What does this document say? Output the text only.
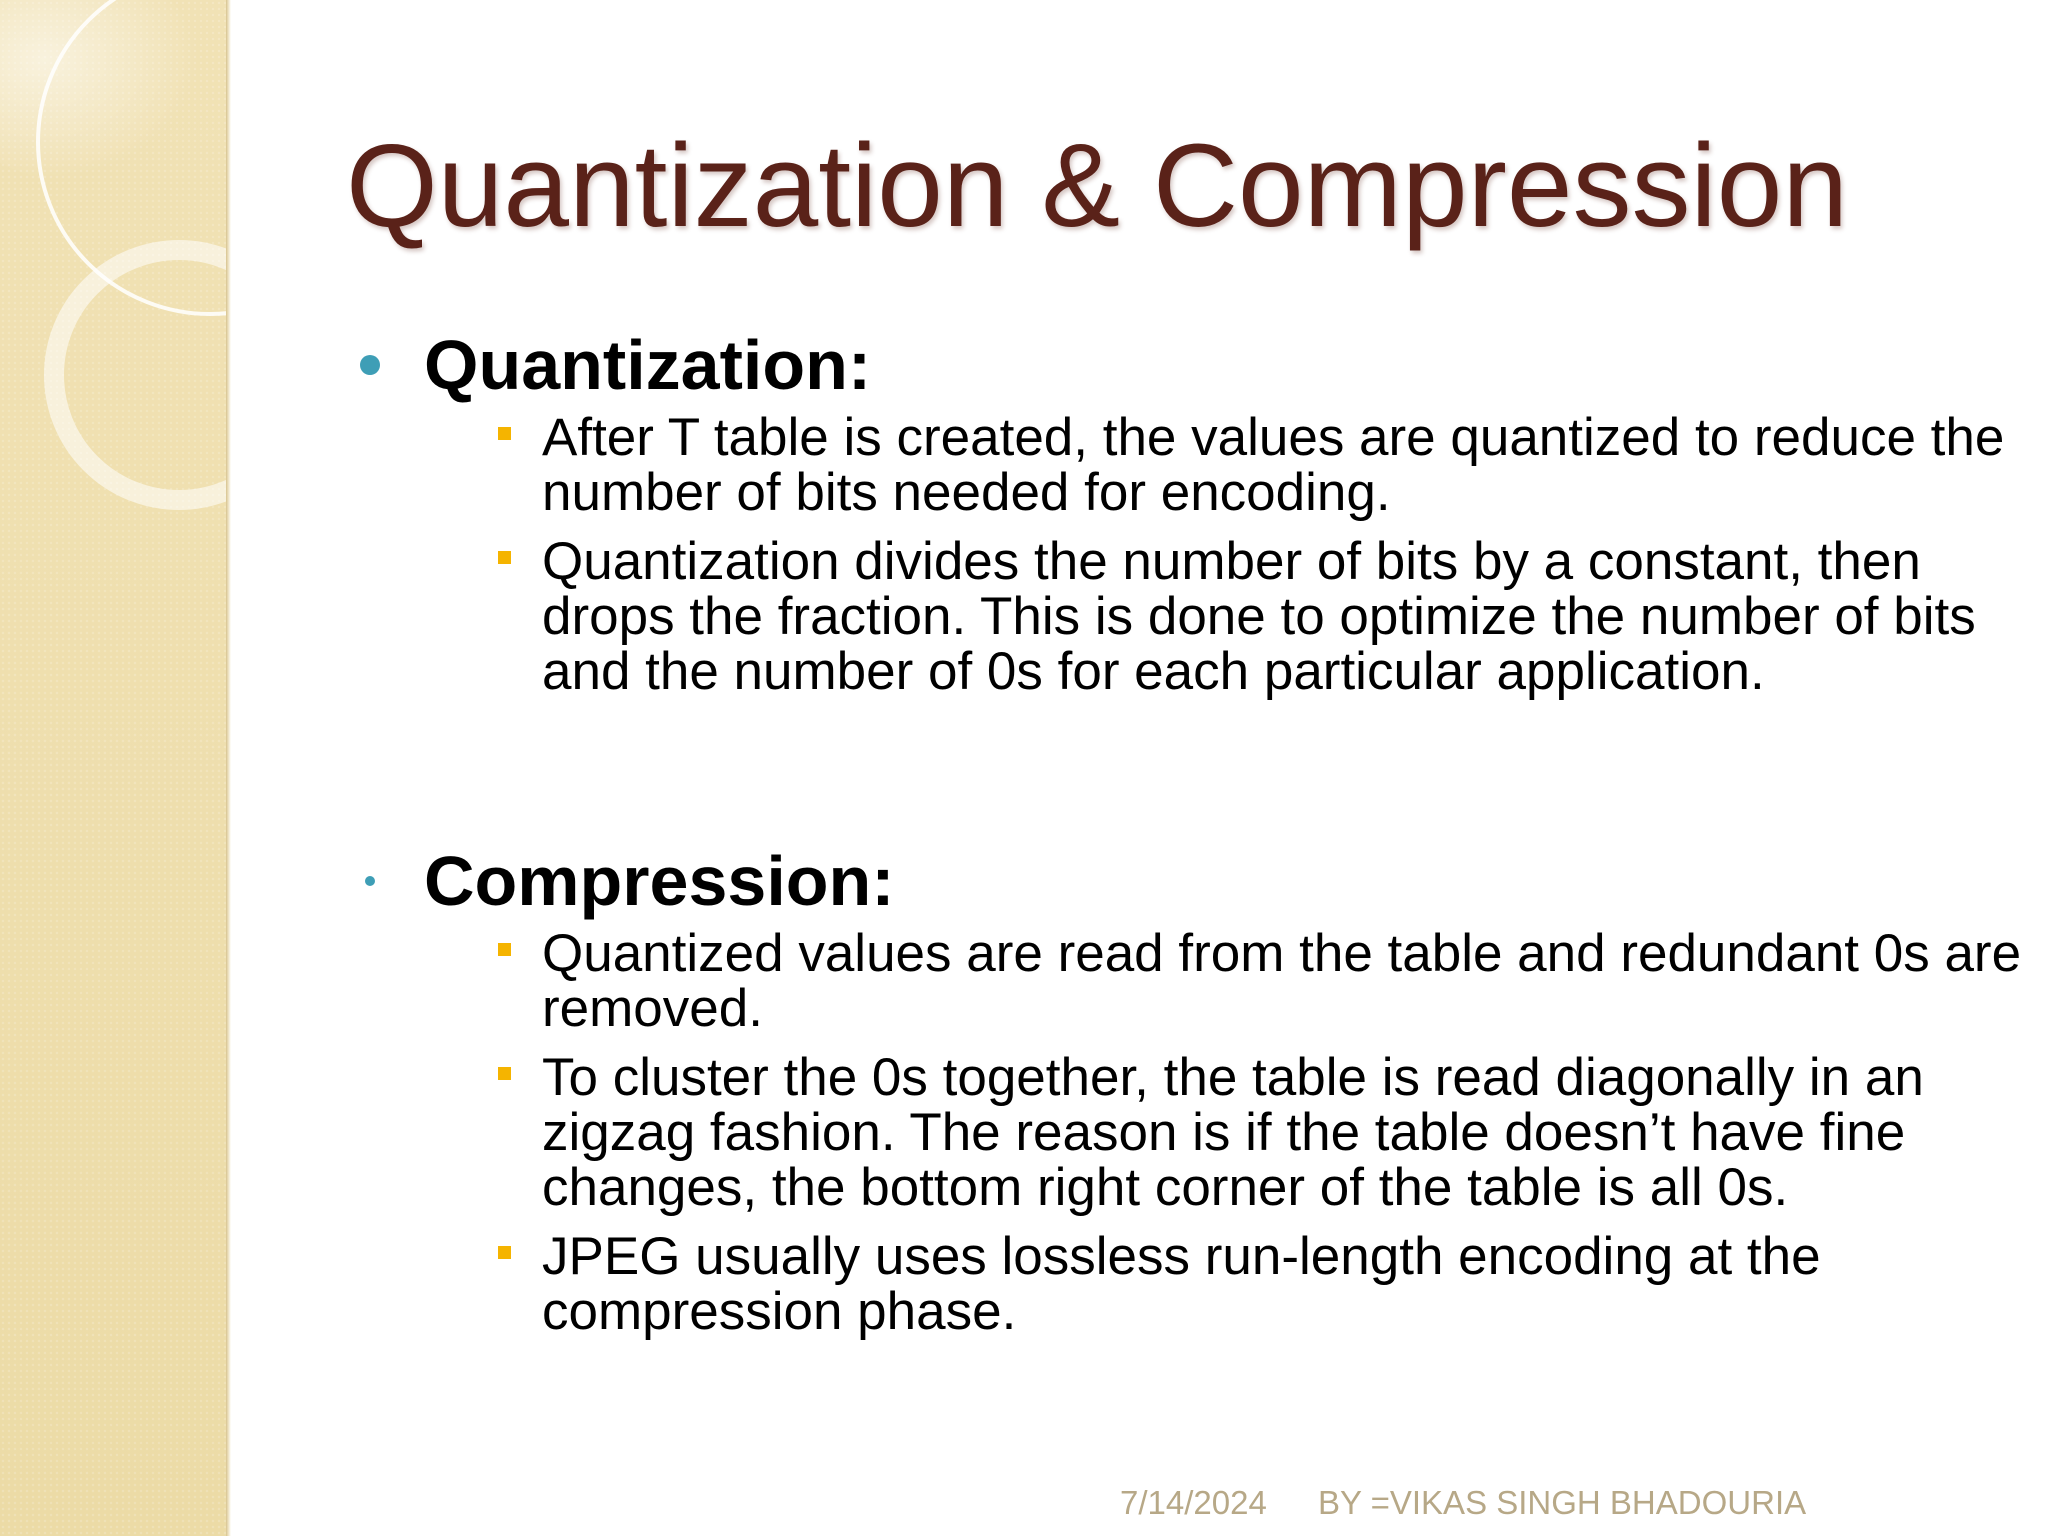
Quantization & Compression
Quantization:
After T table is created, the values are quantized to reduce the number of bits needed for encoding.
Quantization divides the number of bits by a constant, then drops the fraction. This is done to optimize the number of bits and the number of 0s for each particular application.
Compression:
Quantized values are read from the table and redundant 0s are removed.
To cluster the 0s together, the table is read diagonally in an zigzag fashion. The reason is if the table doesn’t have fine changes, the bottom right corner of the table is all 0s.
JPEG usually uses lossless run-length encoding at the compression phase.
7/14/2024 BY =VIKAS SINGH BHADOURIA
